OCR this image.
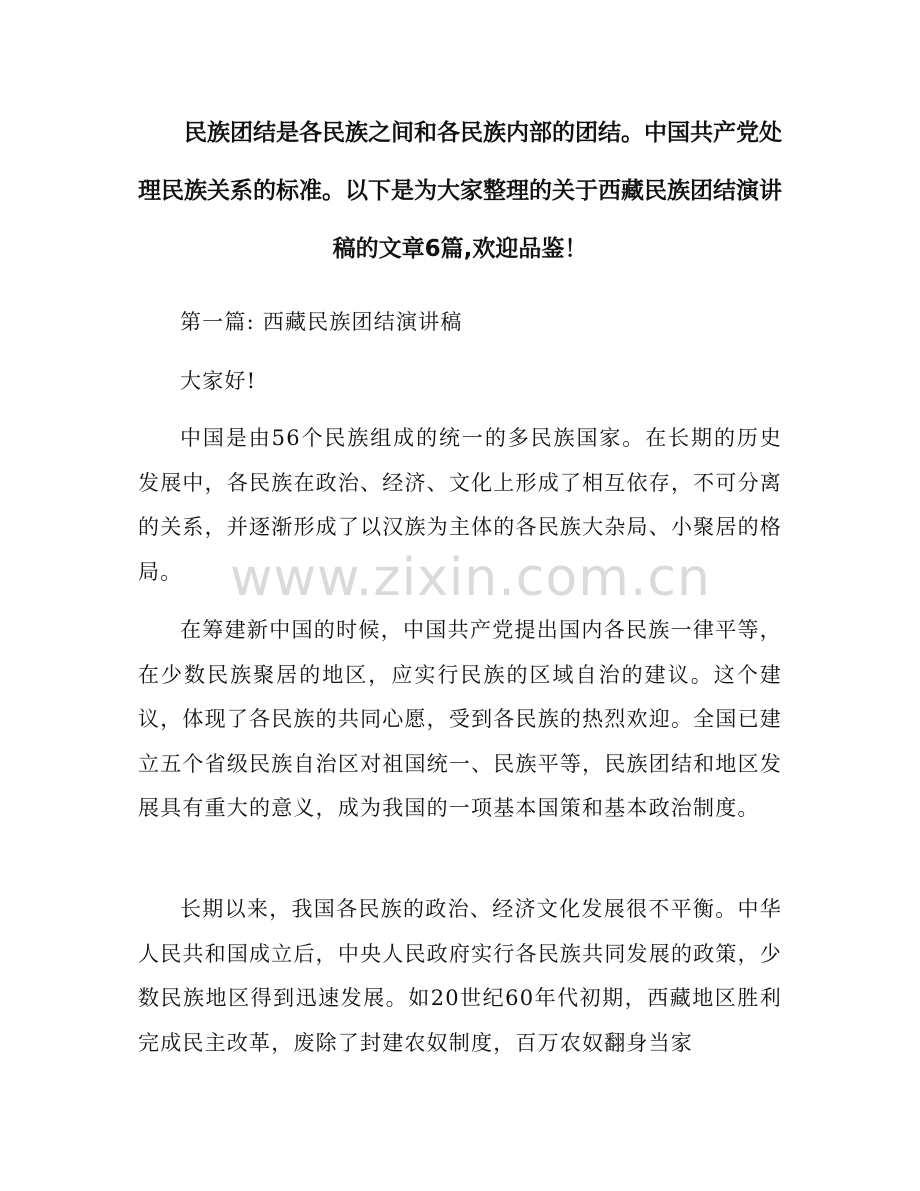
民族团结是各民族之间和各民族内部的团结。中国共产党处理民族关系的标准。以下是为大家整理的关于西藏民族团结演讲稿的文章6篇,欢迎品鉴！

第一篇: 西藏民族团结演讲稿

大家好!

中国是由56个民族组成的统一的多民族国家。在长期的历史发展中，各民族在政治、经济、文化上形成了相互依存，不可分离的关系，并逐渐形成了以汉族为主体的各民族大杂局、小聚居的格局。

在筹建新中国的时候，中国共产党提出国内各民族一律平等，在少数民族聚居的地区，应实行民族的区域自治的建议。这个建议，体现了各民族的共同心愿，受到各民族的热烈欢迎。全国已建立五个省级民族自治区对祖国统一、民族平等，民族团结和地区发展具有重大的意义，成为我国的一项基本国策和基本政治制度。

长期以来，我国各民族的政治、经济文化发展很不平衡。中华人民共和国成立后，中央人民政府实行各民族共同发展的政策，少数民族地区得到迅速发展。如20世纪60年代初期，西藏地区胜利完成民主改革，废除了封建农奴制度，百万农奴翻身当家

www.zixin.com.cn
